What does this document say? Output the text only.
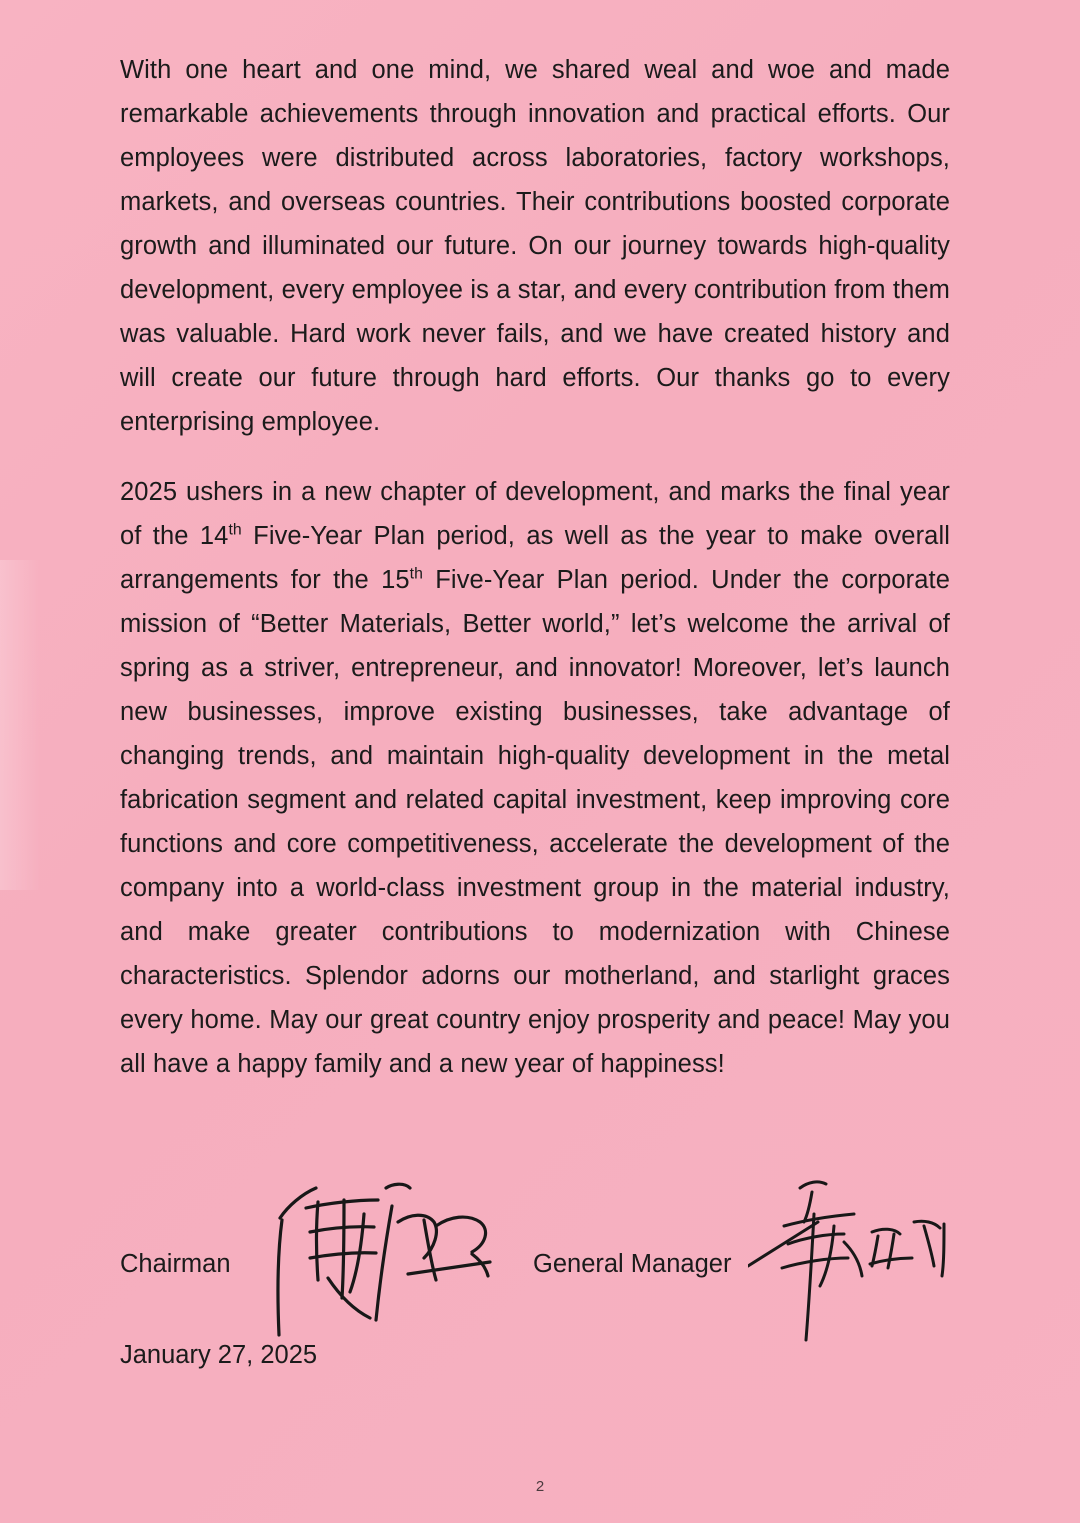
With one heart and one mind, we shared weal and woe and made remarkable achievements through innovation and practical efforts. Our employees were distributed across laboratories, factory workshops, markets, and overseas countries. Their contributions boosted corporate growth and illuminated our future. On our journey towards high-quality development, every employee is a star, and every contribution from them was valuable. Hard work never fails, and we have created history and will create our future through hard efforts. Our thanks go to every enterprising employee.

2025 ushers in a new chapter of development, and marks the final year of the 14th Five-Year Plan period, as well as the year to make overall arrangements for the 15th Five-Year Plan period. Under the corporate mission of “Better Materials, Better world,” let’s welcome the arrival of spring as a striver, entrepreneur, and innovator! Moreover, let’s launch new businesses, improve existing businesses, take advantage of changing trends, and maintain high-quality development in the metal fabrication segment and related capital investment, keep improving core functions and core competitiveness, accelerate the development of the company into a world-class investment group in the material industry, and make greater contributions to modernization with Chinese characteristics. Splendor adorns our motherland, and starlight graces every home. May our great country enjoy prosperity and peace! May you all have a happy family and a new year of happiness!

Chairman	General Manager
January 27, 2025
2
